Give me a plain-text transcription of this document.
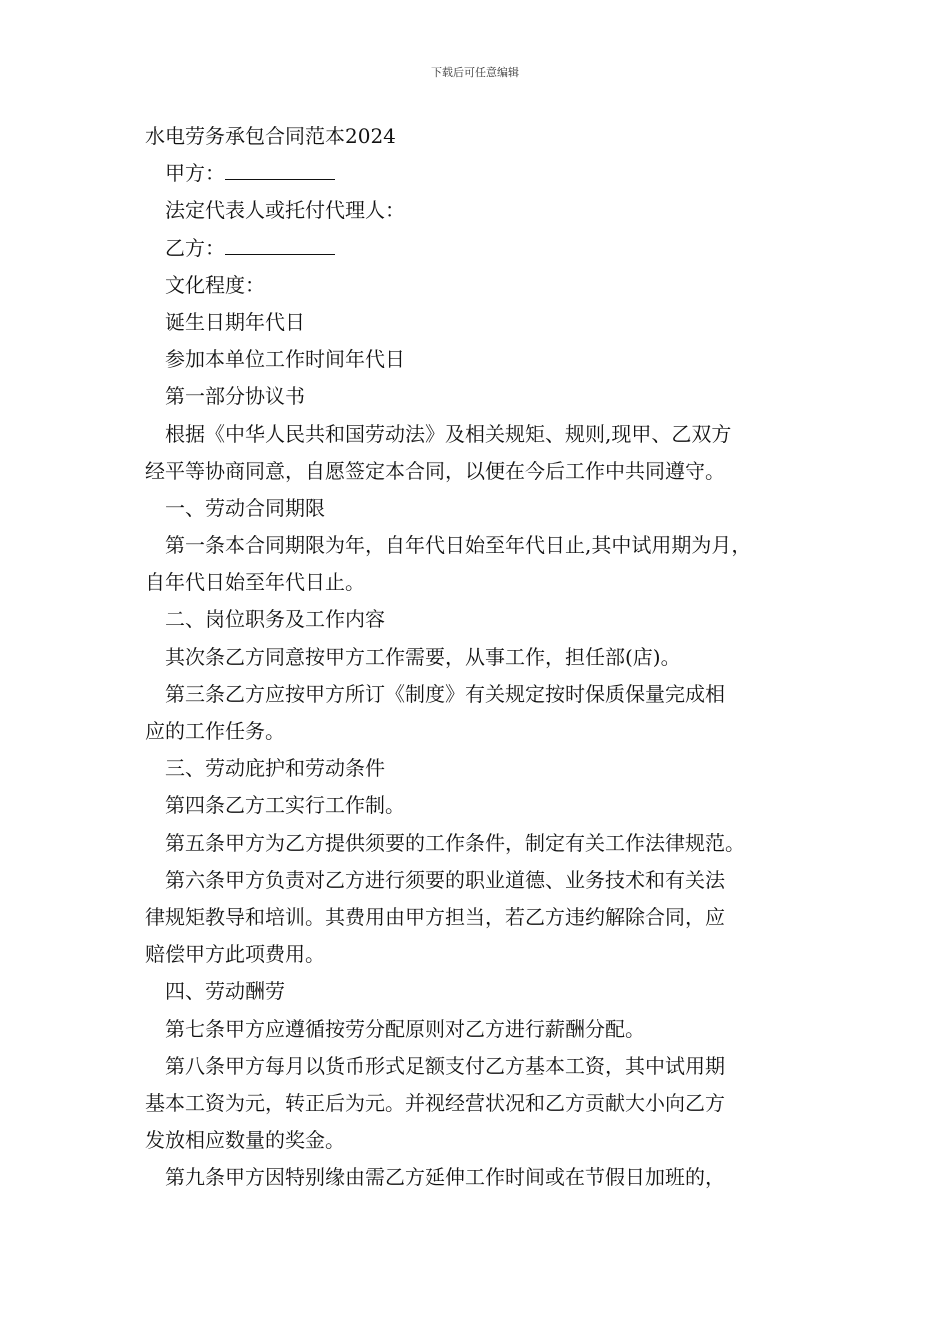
下载后可任意编辑
水电劳务承包合同范本2024
甲方：
法定代表人或托付代理人：
乙方：
文化程度：
诞生日期年代日
参加本单位工作时间年代日
第一部分协议书
根据《中华人民共和国劳动法》及相关规矩、规则,现甲、乙双方
经平等协商同意，自愿签定本合同，以便在今后工作中共同遵守。
一、劳动合同期限
第一条本合同期限为年，自年代日始至年代日止,其中试用期为月，
自年代日始至年代日止。
二、岗位职务及工作内容
其次条乙方同意按甲方工作需要，从事工作，担任部(店)。
第三条乙方应按甲方所订《制度》有关规定按时保质保量完成相
应的工作任务。
三、劳动庇护和劳动条件
第四条乙方工实行工作制。
第五条甲方为乙方提供须要的工作条件，制定有关工作法律规范。
第六条甲方负责对乙方进行须要的职业道德、业务技术和有关法
律规矩教导和培训。其费用由甲方担当，若乙方违约解除合同，应
赔偿甲方此项费用。
四、劳动酬劳
第七条甲方应遵循按劳分配原则对乙方进行薪酬分配。
第八条甲方每月以货币形式足额支付乙方基本工资，其中试用期
基本工资为元，转正后为元。并视经营状况和乙方贡献大小向乙方
发放相应数量的奖金。
第九条甲方因特别缘由需乙方延伸工作时间或在节假日加班的，
